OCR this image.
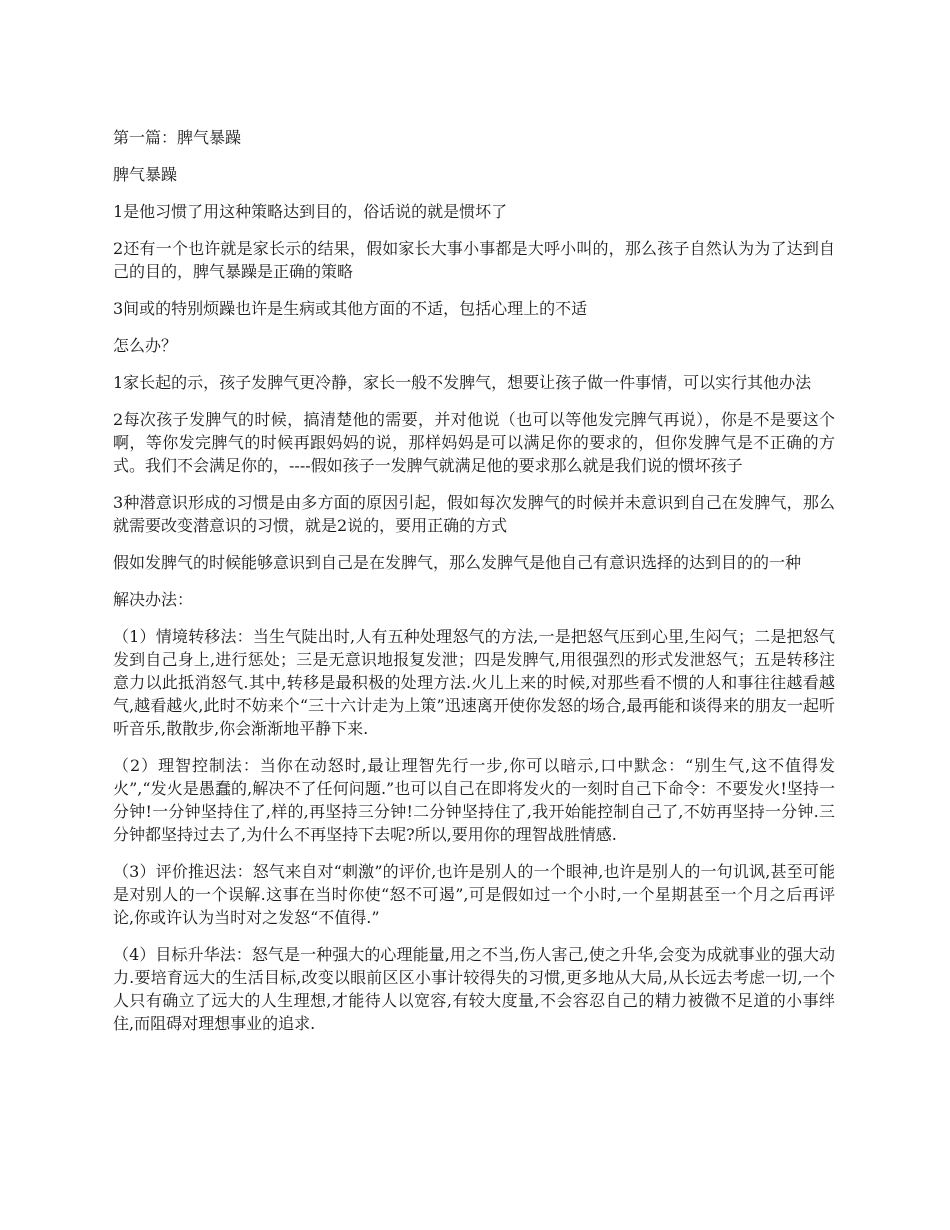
第一篇：脾气暴躁

脾气暴躁

1是他习惯了用这种策略达到目的，俗话说的就是惯坏了

2还有一个也许就是家长示的结果，假如家长大事小事都是大呼小叫的，那么孩子自然认为为了达到自己的目的，脾气暴躁是正确的策略

3间或的特别烦躁也许是生病或其他方面的不适，包括心理上的不适

怎么办？

1家长起的示，孩子发脾气更冷静，家长一般不发脾气，想要让孩子做一件事情，可以实行其他办法

2每次孩子发脾气的时候，搞清楚他的需要，并对他说（也可以等他发完脾气再说），你是不是要这个啊，等你发完脾气的时候再跟妈妈的说，那样妈妈是可以满足你的要求的，但你发脾气是不正确的方式。我们不会满足你的，----假如孩子一发脾气就满足他的要求那么就是我们说的惯坏孩子

3种潜意识形成的习惯是由多方面的原因引起，假如每次发脾气的时候并未意识到自己在发脾气，那么就需要改变潜意识的习惯，就是2说的，要用正确的方式

假如发脾气的时候能够意识到自己是在发脾气，那么发脾气是他自己有意识选择的达到目的的一种

解决办法：

（1）情境转移法：当生气陡出时,人有五种处理怒气的方法,一是把怒气压到心里,生闷气；二是把怒气发到自己身上,进行惩处；三是无意识地报复发泄；四是发脾气,用很强烈的形式发泄怒气；五是转移注意力以此抵消怒气.其中,转移是最积极的处理方法.火儿上来的时候,对那些看不惯的人和事往往越看越气,越看越火,此时不妨来个“三十六计走为上策”迅速离开使你发怒的场合,最再能和谈得来的朋友一起听听音乐,散散步,你会渐渐地平静下来.

（2）理智控制法：当你在动怒时,最让理智先行一步,你可以暗示,口中默念：“别生气,这不值得发火”,“发火是愚蠢的,解决不了任何问题.”也可以自己在即将发火的一刻时自己下命令：不要发火!坚持一分钟!一分钟坚持住了,样的,再坚持三分钟!二分钟坚持住了,我开始能控制自己了,不妨再坚持一分钟.三分钟都坚持过去了,为什么不再坚持下去呢?所以,要用你的理智战胜情感.

（3）评价推迟法：怒气来自对“刺激”的评价,也许是别人的一个眼神,也许是别人的一句讥讽,甚至可能是对别人的一个误解.这事在当时你使“怒不可遏”,可是假如过一个小时,一个星期甚至一个月之后再评论,你或许认为当时对之发怒“不值得.”

（4）目标升华法：怒气是一种强大的心理能量,用之不当,伤人害己,使之升华,会变为成就事业的强大动力.要培育远大的生活目标,改变以眼前区区小事计较得失的习惯,更多地从大局,从长远去考虑一切,一个人只有确立了远大的人生理想,才能待人以宽容,有较大度量,不会容忍自己的精力被微不足道的小事绊住,而阻碍对理想事业的追求.
